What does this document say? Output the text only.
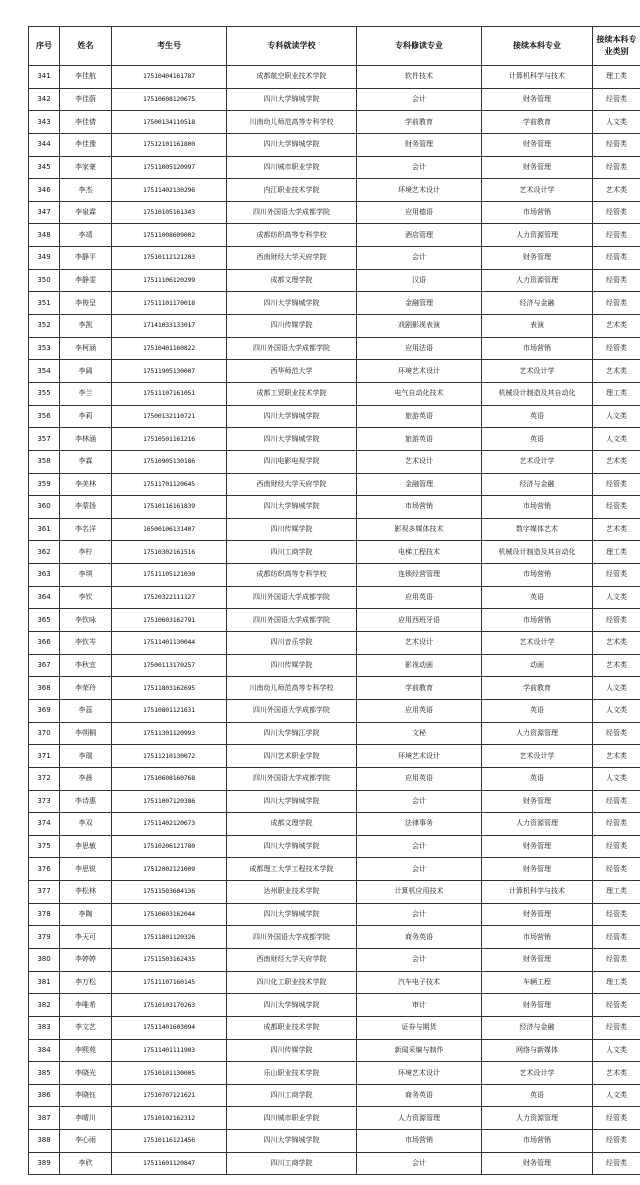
序号	姓名	考生号	专科就读学校	专科修读专业	接续本科专业	接续本科专业类别
341	李佳航	17510404161787	成都航空职业技术学院	软件技术	计算机科学与技术	理工类
342	李佳蔚	17510608120675	四川大学锦城学院	会计	财务管理	经管类
343	李佳倩	17500134110518	川南幼儿师范高等专科学校	学前教育	学前教育	人文类
344	李佳豫	17512101161800	四川大学锦城学院	财务管理	财务管理	经管类
345	李家豪	17511005120997	四川城市职业学院	会计	财务管理	经管类
346	李杰	17511402130296	内江职业技术学院	环境艺术设计	艺术设计学	艺术类
347	李泉霖	17510105161343	四川外国语大学成都学院	应用德语	市场营销	经管类
348	李靖	17511008609002	成都纺织高等专科学校	酒店管理	人力资源管理	经管类
349	李静平	17510112121203	西南财经大学天府学院	会计	财务管理	经管类
350	李静雯	17511106120299	成都文理学院	汉语	人力资源管理	经管类
351	李俊呈	17511101170018	四川大学锦城学院	金融管理	经济与金融	经管类
352	李凯	17141033133017	四川传媒学院	戏剧影视表演	表演	艺术类
353	李柯涵	17510401160822	四川外国语大学成都学院	应用法语	市场营销	经管类
354	李阔	17511905130007	西华师范大学	环境艺术设计	艺术设计学	艺术类
355	李兰	17511107161051	成都工贸职业技术学院	电气自动化技术	机械设计制造及其自动化	理工类
356	李莉	17500132110721	四川大学锦城学院	旅游英语	英语	人文类
357	李林涵	17510501161216	四川大学锦城学院	旅游英语	英语	人文类
358	李霖	17510905130186	四川电影电视学院	艺术设计	艺术设计学	艺术类
359	李美林	17511701120645	西南财经大学天府学院	金融管理	经济与金融	经管类
360	李蒙扬	17510116161839	四川大学锦城学院	市场营销	市场营销	经管类
361	李名洋	16500106131407	四川传媒学院	影视多媒体技术	数字媒体艺术	艺术类
362	李柠	17510302161516	四川工商学院	电梯工程技术	机械设计制造及其自动化	理工类
363	李琪	17511105121030	成都纺织高等专科学校	连锁经营管理	市场营销	经管类
364	李钦	17520322111127	四川外国语大学成都学院	应用英语	英语	人文类
365	李钦咏	17510603162791	四川外国语大学成都学院	应用西班牙语	市场营销	经管类
366	李钦岑	17511401130044	四川音乐学院	艺术设计	艺术设计学	艺术类
367	李秋宜	17500113170257	四川传媒学院	影视动画	动画	艺术类
368	李荣玲	17511803162695	川南幼儿师范高等专科学校	学前教育	学前教育	人文类
369	李蕊	17510801121631	四川外国语大学成都学院	应用英语	英语	人文类
370	李朔桐	17511301120993	四川大学锦江学院	文秘	人力资源管理	经管类
371	李瑞	17511210130072	四川艺术职业学院	环境艺术设计	艺术设计学	艺术类
372	李晨	17510608160768	四川外国语大学成都学院	应用英语	英语	人文类
373	李诗惠	17511007120386	四川大学锦城学院	会计	财务管理	经管类
374	李双	17511402120673	成都文理学院	法律事务	人力资源管理	经管类
375	李思敏	17510206121780	四川大学锦城学院	会计	财务管理	经管类
376	李思锐	17512002121009	成都理工大学工程技术学院	会计	财务管理	经管类
377	李松林	17511503604136	达州职业技术学院	计算机应用技术	计算机科学与技术	理工类
378	李陶	17510603162044	四川大学锦城学院	会计	财务管理	经管类
379	李天可	17511801120326	四川外国语大学成都学院	商务英语	市场营销	经管类
380	李婷婷	17511503162435	西南财经大学天府学院	会计	财务管理	经管类
381	李万松	17511107160145	四川化工职业技术学院	汽车电子技术	车辆工程	理工类
382	李唯希	17510103170263	四川大学锦城学院	审计	财务管理	经管类
383	李文艺	17511401603094	成都职业技术学院	证券与期货	经济与金融	经管类
384	李熙苑	17511401111903	四川传媒学院	新闻采编与制作	网络与新媒体	人文类
385	李晓光	17510101130005	乐山职业技术学院	环境艺术设计	艺术设计学	艺术类
386	李晓钰	17510707121621	四川工商学院	商务英语	英语	人文类
387	李晴川	17510102162312	四川城市职业学院	人力资源管理	人力资源管理	经管类
388	李心雨	17510116121456	四川大学锦城学院	市场营销	市场营销	经管类
389	李欣	17511601120847	四川工商学院	会计	财务管理	经管类
